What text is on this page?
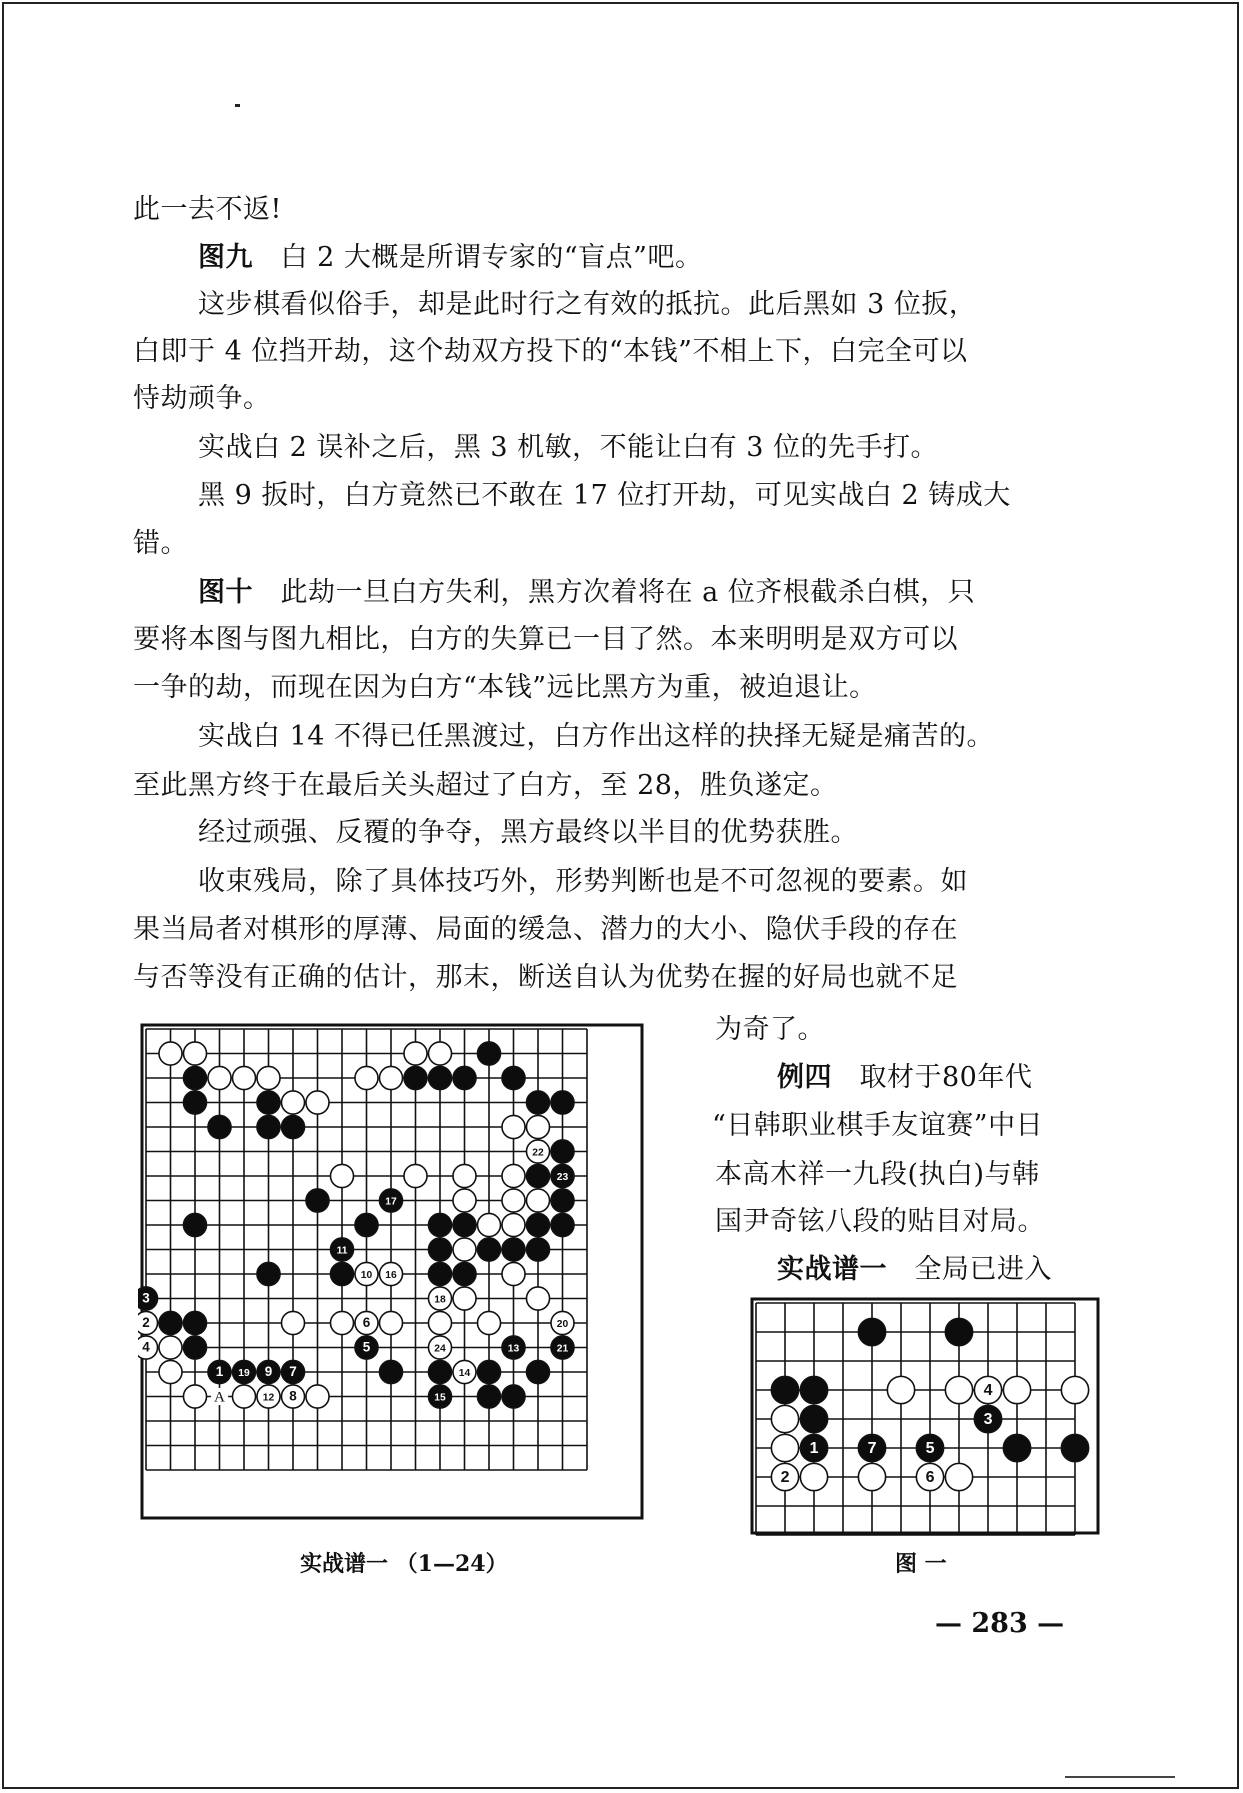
此一去不返!

图九　 白 2 大概是所谓专家的“盲点”吧。

这步棋看似俗手，却是此时行之有效的抵抗。此后黑如 3 位扳，

白即于 4 位挡开劫，这个劫双方投下的“本钱”不相上下，白完全可以

恃劫顽争。

实战白 2 误补之后，黑 3 机敏，不能让白有 3 位的先手打。

黑 9 扳时，白方竟然已不敢在 17 位打开劫，可见实战白 2 铸成大

错。

图十　 此劫一旦白方失利，黑方次着将在 a 位齐根截杀白棋，只

要将本图与图九相比，白方的失算已一目了然。本来明明是双方可以

一争的劫，而现在因为白方“本钱”远比黑方为重，被迫退让。

实战白 14 不得已任黑渡过，白方作出这样的抉择无疑是痛苦的。

至此黑方终于在最后关头超过了白方，至 28，胜负遂定。

经过顽强、反覆的争夺，黑方最终以半目的优势获胜。

收束残局，除了具体技巧外，形势判断也是不可忽视的要素。如

果当局者对棋形的厚薄、局面的缓急、潜力的大小、隐伏手段的存在

与否等没有正确的估计，那末，断送自认为优势在握的好局也就不足

为奇了。

例四　 取材于80年代

“日韩职业棋手友谊赛”中日

本高木祥一九段(执白)与韩

国尹奇铉八段的贴目对局。

实战谱一　 全局已进入

22
23
17
11
10 16
3	18
2	6	20
4	5	24	13	21
1 19 9 7	14
12 8	15
A	4
3
1	7	5
2	6
实战谱一 （1—24）	图 一
— 283 —
